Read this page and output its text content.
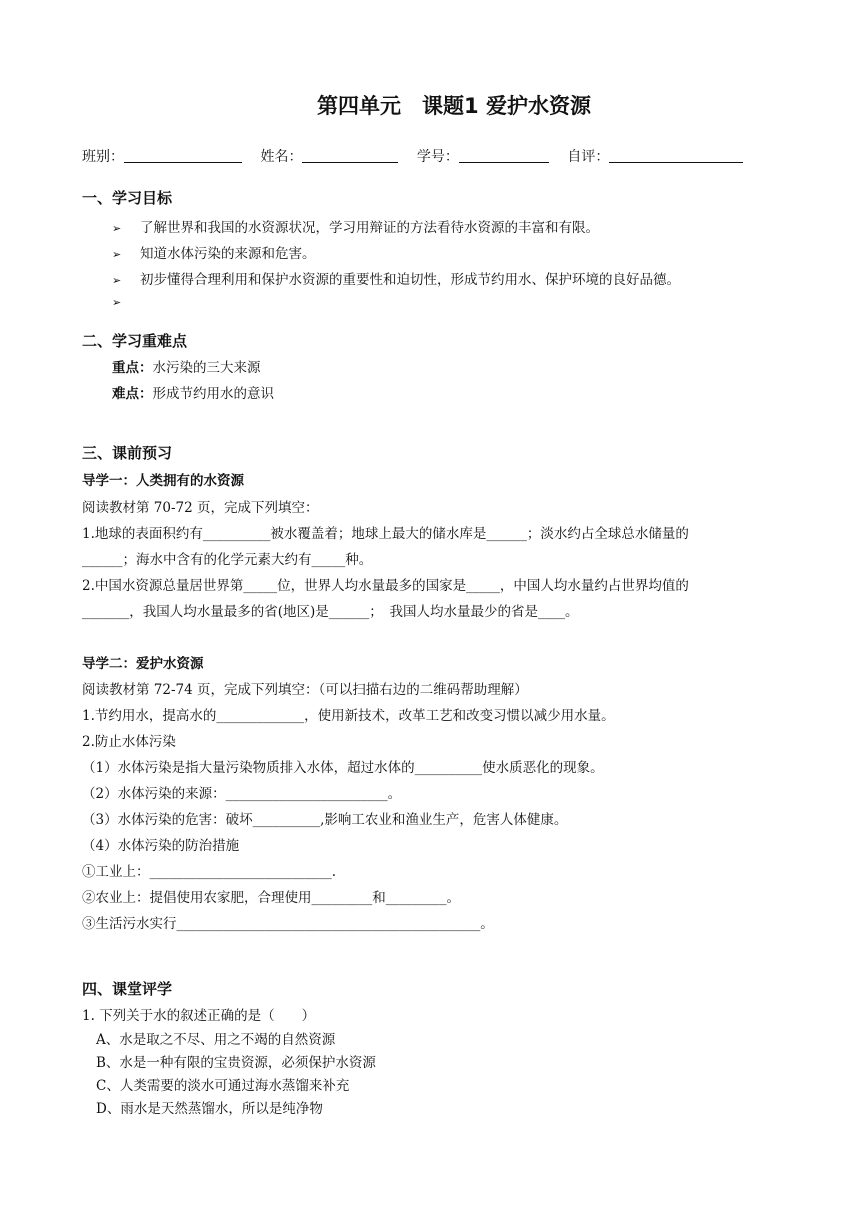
第四单元　课题1 爱护水资源
班别：	姓名：	学号：	自评：
一、学习目标
➢ 了解世界和我国的水资源状况，学习用辩证的方法看待水资源的丰富和有限。
➢ 知道水体污染的来源和危害。
➢ 初步懂得合理利用和保护水资源的重要性和迫切性，形成节约用水、保护环境的良好品德。
➢
二、学习重难点
重点：水污染的三大来源
难点：形成节约用水的意识
三、课前预习
导学一：人类拥有的水资源
阅读教材第 70-72 页，完成下列填空：
1.地球的表面积约有__________被水覆盖着；地球上最大的储水库是______；淡水约占全球总水储量的
______；海水中含有的化学元素大约有_____种。
2.中国水资源总量居世界第_____位，世界人均水量最多的国家是_____，中国人均水量约占世界均值的
_______，我国人均水量最多的省(地区)是______；　我国人均水量最少的省是____。
导学二：爱护水资源
阅读教材第 72-74 页，完成下列填空：（可以扫描右边的二维码帮助理解）
1.节约用水，提高水的_____________，使用新技术，改革工艺和改变习惯以减少用水量。
2.防止水体污染
（1）水体污染是指大量污染物质排入水体，超过水体的__________使水质恶化的现象。
（2）水体污染的来源：________________________。
（3）水体污染的危害：破坏__________,影响工农业和渔业生产，危害人体健康。
（4）水体污染的防治措施
①工业上：___________________________.
②农业上：提倡使用农家肥，合理使用_________和_________。
③生活污水实行_____________________________________________。
四、课堂评学
1. 下列关于水的叙述正确的是（　　）
A、水是取之不尽、用之不竭的自然资源
B、水是一种有限的宝贵资源，必须保护水资源
C、人类需要的淡水可通过海水蒸馏来补充
D、雨水是天然蒸馏水，所以是纯净物
